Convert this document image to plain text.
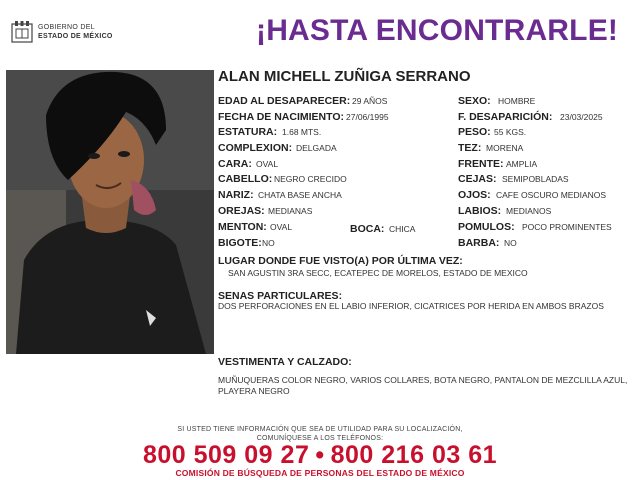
GOBIERNO DEL
ESTADO DE MÉXICO	¡HASTA ENCONTRARLE!
ALAN MICHELL ZUÑIGA SERRANO
EDAD AL DESAPARECER: 29 AÑOS
FECHA DE NACIMIENTO: 27/06/1995
ESTATURA: 1.68 MTS.
COMPLEXION: DELGADA
CARA: OVAL
CABELLO: NEGRO CRECIDO
NARIZ: CHATA BASE ANCHA
OREJAS: MEDIANAS
MENTON: OVAL	BOCA: CHICA
BIGOTE: NO
SEXO: HOMBRE
F. DESAPARICIÓN: 23/03/2025
PESO: 55 KGS.
TEZ: MORENA
FRENTE: AMPLIA
CEJAS: SEMIPOBLADAS
OJOS: CAFE OSCURO MEDIANOS
LABIOS: MEDIANOS
POMULOS: POCO PROMINENTES
BARBA: NO
LUGAR DONDE FUE VISTO(A) POR ÚLTIMA VEZ:
SAN AGUSTIN 3RA SECC, ECATEPEC DE MORELOS, ESTADO DE MEXICO
SENAS PARTICULARES:
DOS PERFORACIONES EN EL LABIO INFERIOR, CICATRICES POR HERIDA EN AMBOS BRAZOS
VESTIMENTA Y CALZADO:
MUÑUQUERAS COLOR NEGRO, VARIOS COLLARES, BOTA NEGRO, PANTALON DE MEZCLILLA AZUL, PLAYERA NEGRO
SI USTED TIENE INFORMACIÓN QUE SEA DE UTILIDAD PARA SU LOCALIZACIÓN,
COMUNÍQUESE A LOS TELÉFONOS:
800 509 09 27 • 800 216 03 61
COMISIÓN DE BÚSQUEDA DE PERSONAS DEL ESTADO DE MÉXICO
